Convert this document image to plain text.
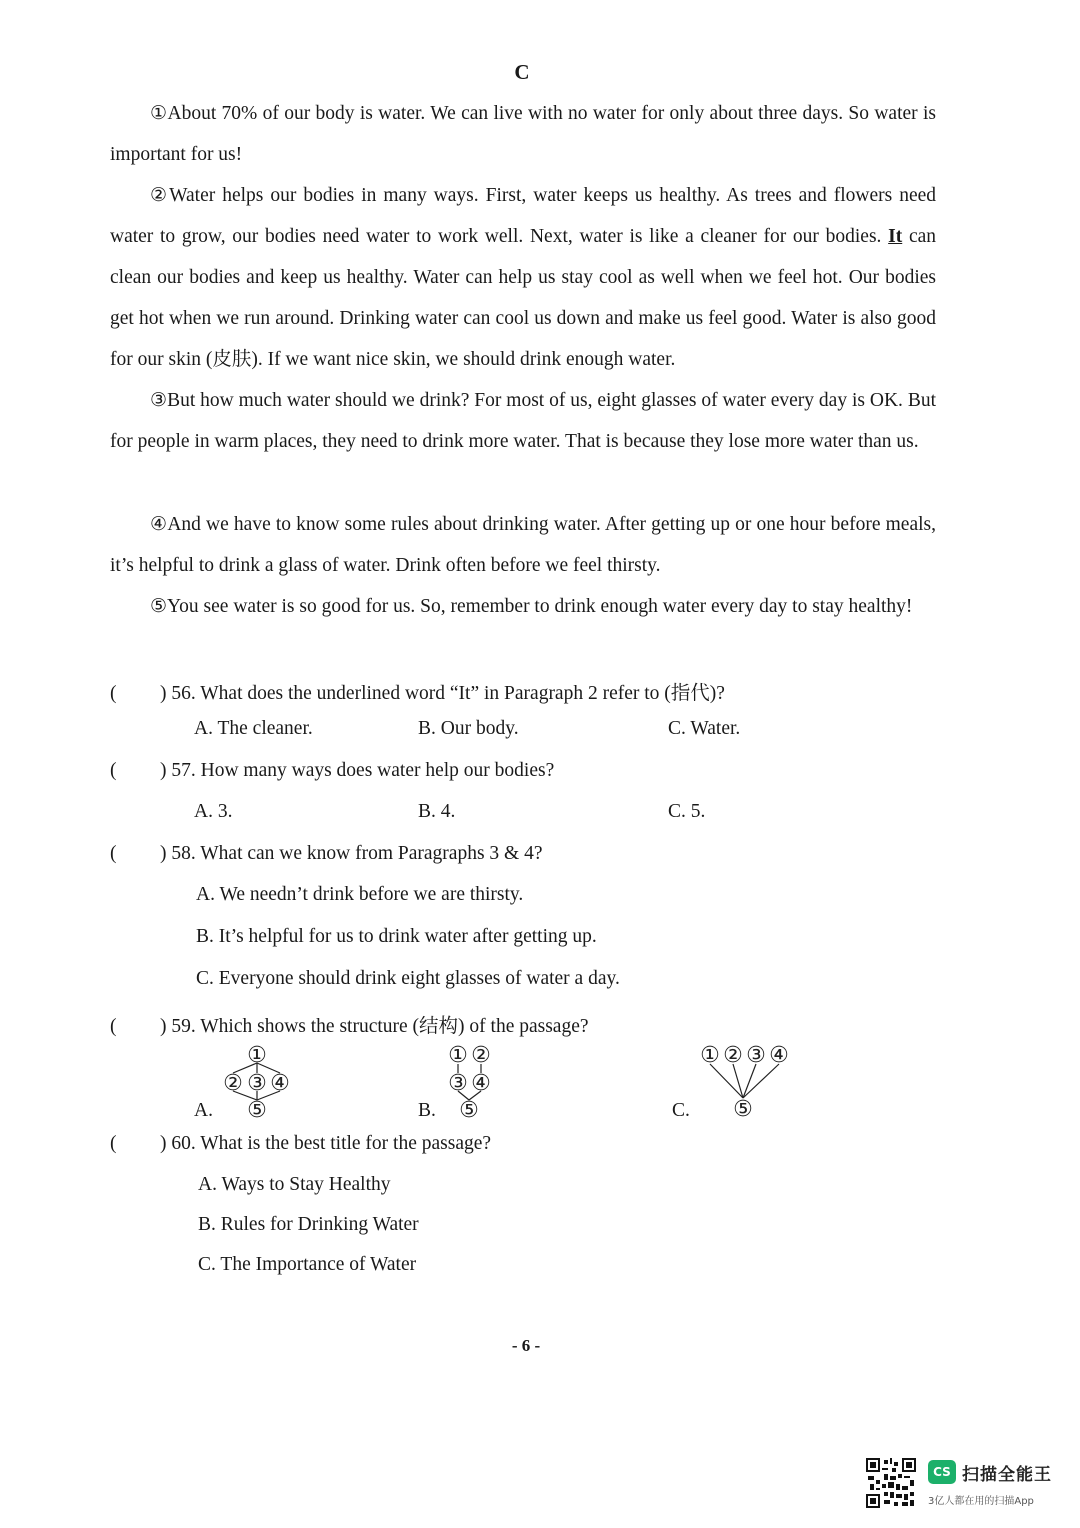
C

①About 70% of our body is water. We can live with no water for only about three days. So water is important for us!

②Water helps our bodies in many ways. First, water keeps us healthy. As trees and flowers need water to grow, our bodies need water to work well. Next, water is like a cleaner for our bodies. It can clean our bodies and keep us healthy. Water can help us stay cool as well when we feel hot. Our bodies get hot when we run around. Drinking water can cool us down and make us feel good. Water is also good for our skin (皮肤). If we want nice skin, we should drink enough water.

③But how much water should we drink? For most of us, eight glasses of water every day is OK. But for people in warm places, they need to drink more water. That is because they lose more water than us.

④And we have to know some rules about drinking water. After getting up or one hour before meals, it’s helpful to drink a glass of water. Drink often before we feel thirsty.

⑤You see water is so good for us. So, remember to drink enough water every day to stay healthy!

( ) 56. What does the underlined word “It” in Paragraph 2 refer to (指代)?
A. The cleaner.	B. Our body.	C. Water.
( ) 57. How many ways does water help our bodies?
A. 3.	B. 4.	C. 5.
( ) 58. What can we know from Paragraphs 3 & 4?
A. We needn’t drink before we are thirsty.
B. It’s helpful for us to drink water after getting up.
C. Everyone should drink eight glasses of water a day.
( ) 59. Which shows the structure (结构) of the passage?
A.	B.	C.
①
② ③ ④
⑤
① ②
③ ④
⑤
① ② ③ ④
⑤
( ) 60. What is the best title for the passage?
A. Ways to Stay Healthy
B. Rules for Drinking Water
C. The Importance of Water
- 6 -
CS 扫描全能王
3亿人都在用的扫描App
